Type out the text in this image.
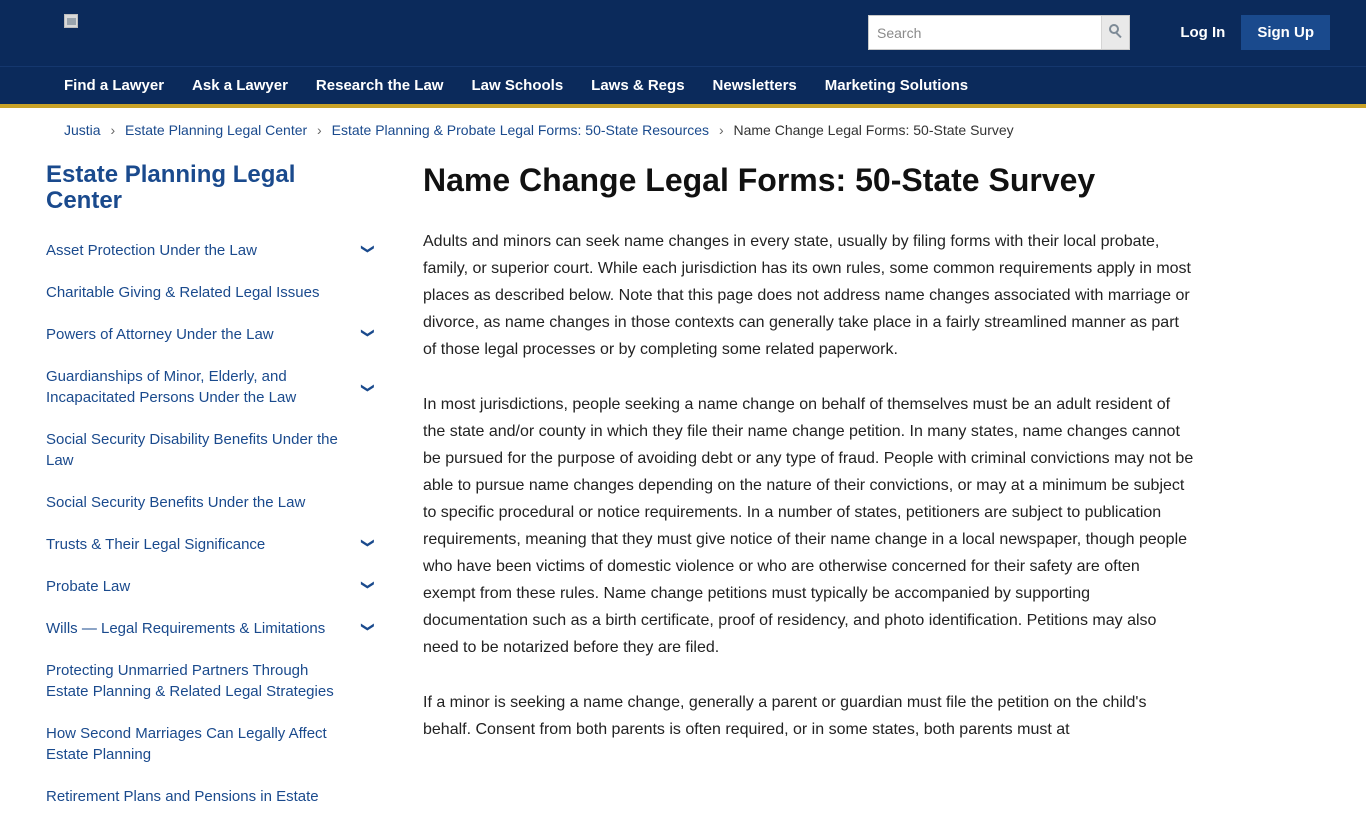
Search
Log In	Sign Up
Find a Lawyer Ask a Lawyer Research the Law Law Schools Laws & Regs Newsletters Marketing Solutions
Justia › Estate Planning Legal Center › Estate Planning & Probate Legal Forms: 50-State Resources › Name Change Legal Forms: 50-State Survey
Estate Planning Legal Center
Asset Protection Under the Law	❯
Charitable Giving & Related Legal Issues
Powers of Attorney Under the Law	❯
Guardianships of Minor, Elderly, and Incapacitated Persons Under the Law
❯
Social Security Disability Benefits Under the Law
Social Security Benefits Under the Law
Trusts & Their Legal Significance	❯
Probate Law	❯
Wills — Legal Requirements & Limitations	❯
Protecting Unmarried Partners Through Estate Planning & Related Legal Strategies
How Second Marriages Can Legally Affect Estate Planning
Retirement Plans and Pensions in Estate
Name Change Legal Forms: 50-State Survey

Adults and minors can seek name changes in every state, usually by filing forms with their local probate, family, or superior court. While each jurisdiction has its own rules, some common requirements apply in most places as described below. Note that this page does not address name changes associated with marriage or divorce, as name changes in those contexts can generally take place in a fairly streamlined manner as part of those legal processes or by completing some related paperwork.

In most jurisdictions, people seeking a name change on behalf of themselves must be an adult resident of the state and/or county in which they file their name change petition. In many states, name changes cannot be pursued for the purpose of avoiding debt or any type of fraud. People with criminal convictions may not be able to pursue name changes depending on the nature of their convictions, or may at a minimum be subject to specific procedural or notice requirements. In a number of states, petitioners are subject to publication requirements, meaning that they must give notice of their name change in a local newspaper, though people who have been victims of domestic violence or who are otherwise concerned for their safety are often exempt from these rules. Name change petitions must typically be accompanied by supporting documentation such as a birth certificate, proof of residency, and photo identification. Petitions may also need to be notarized before they are filed.

If a minor is seeking a name change, generally a parent or guardian must file the petition on the child's behalf. Consent from both parents is often required, or in some states, both parents must at
